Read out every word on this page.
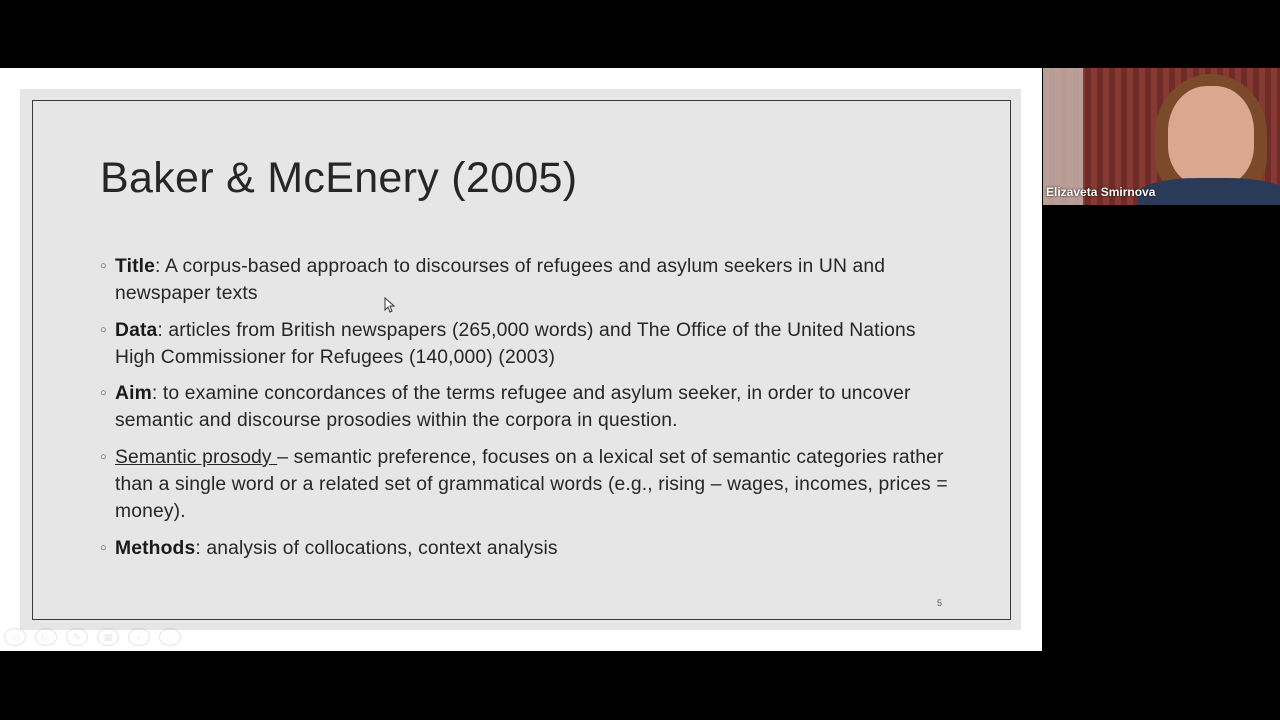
Baker & McEnery (2005)
○ Title: A corpus-based approach to discourses of refugees and asylum seekers in UN and newspaper texts
○ Data: articles from British newspapers (265,000 words) and The Office of the United Nations High Commissioner for Refugees (140,000) (2003)
○ Aim: to examine concordances of the terms refugee and asylum seeker, in order to uncover semantic and discourse prosodies within the corpora in question.
○ Semantic prosody – semantic preference, focuses on a lexical set of semantic categories rather than a single word or a related set of grammatical words (e.g., rising – wages, incomes, prices = money).
○ Methods: analysis of collocations, context analysis
5
Elizaveta Smirnova
◁	▷	✎	▦	⌕	⋯
